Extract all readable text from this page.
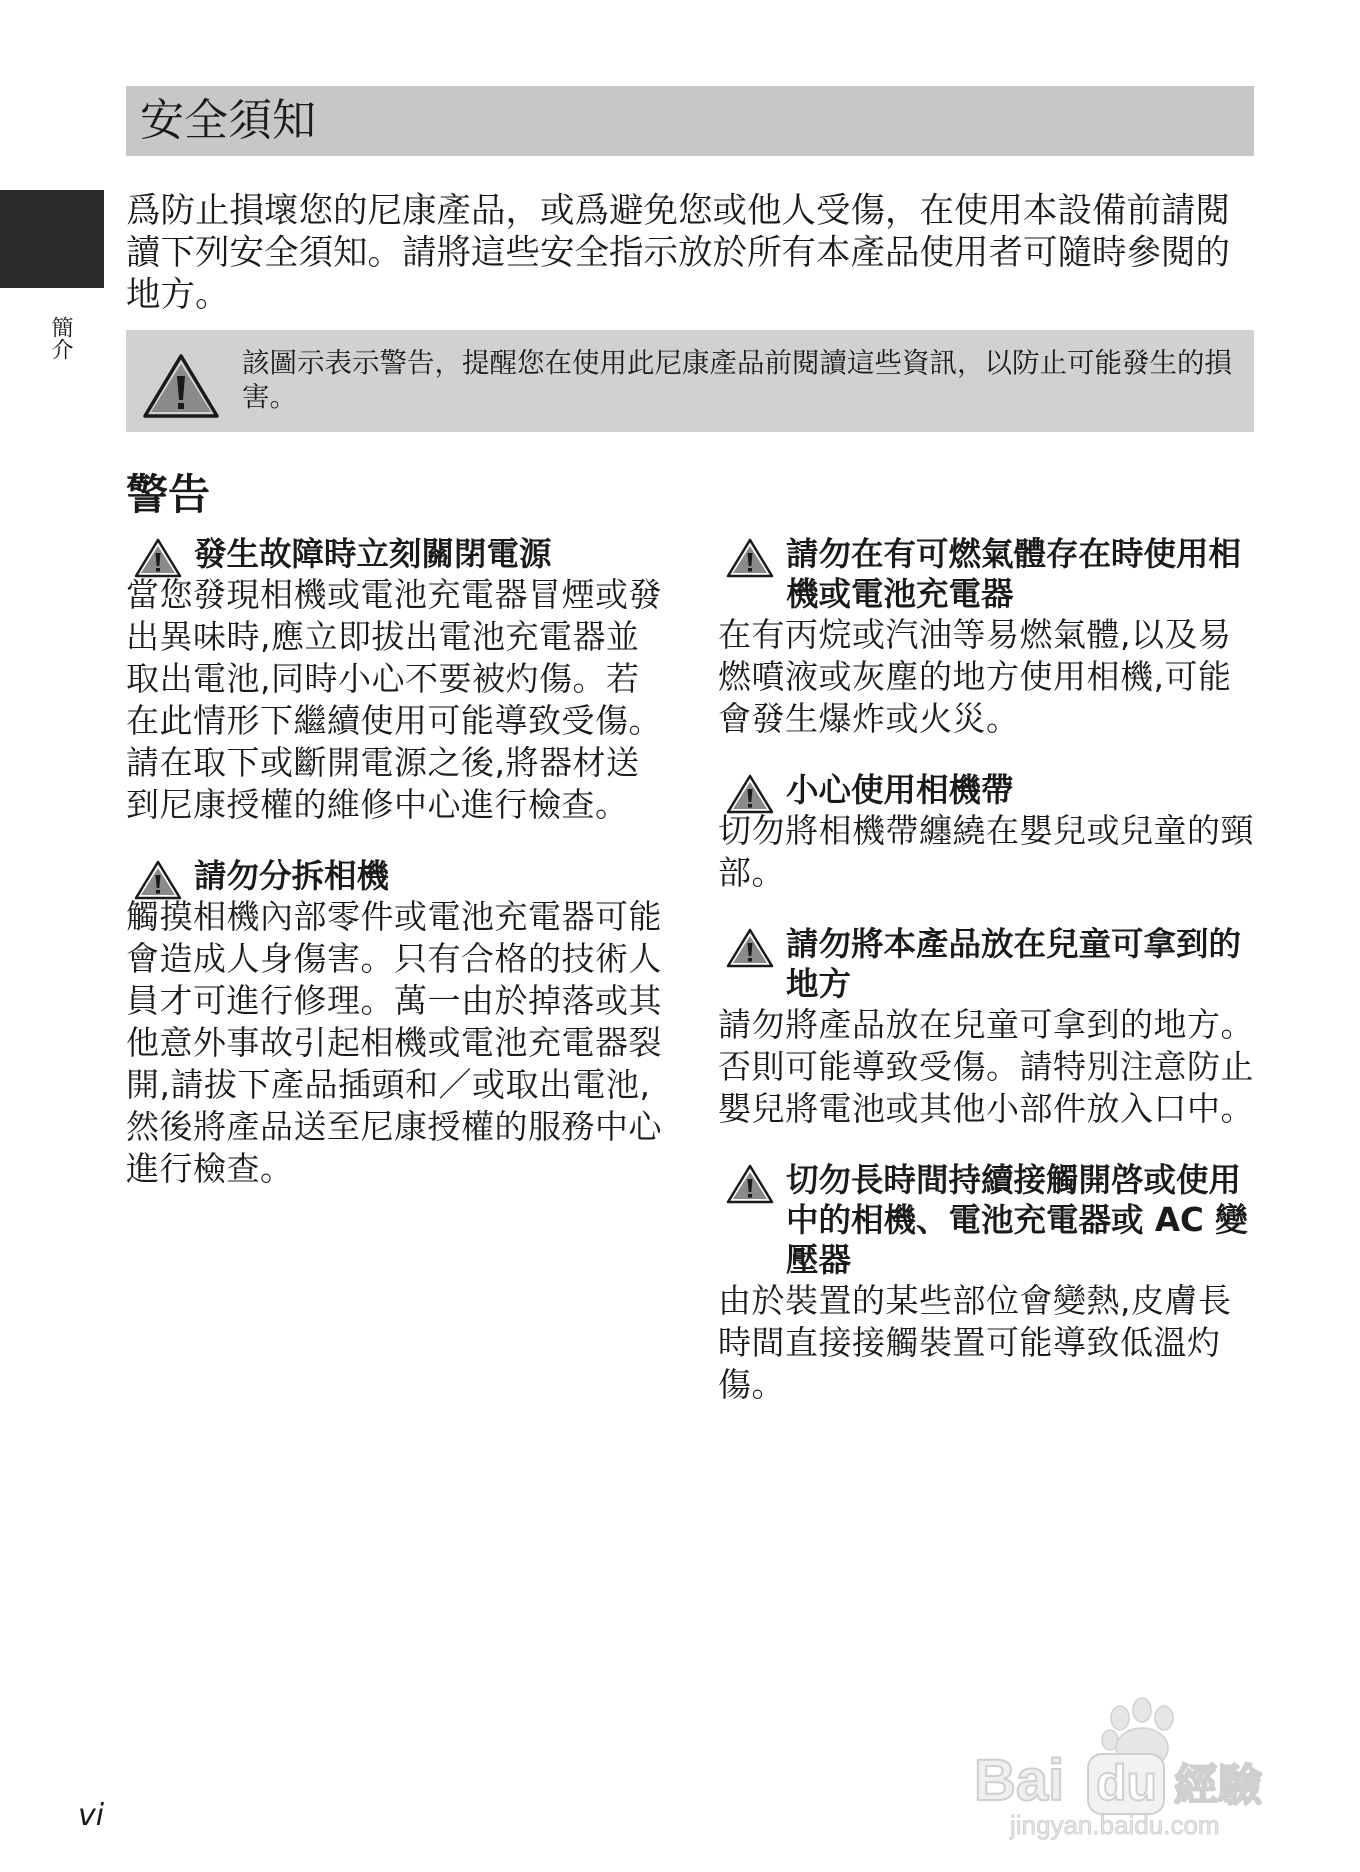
安全須知
簡介

爲防止損壞您的尼康產品，或爲避免您或他人受傷，在使用本設備前請閱讀下列安全須知。請將這些安全指示放於所有本產品使用者可隨時參閱的地方。

該圖示表示警告，提醒您在使用此尼康產品前閱讀這些資訊，以防止可能發生的損害。

警告
發生故障時立刻關閉電源

當您發現相機或電池充電器冒煙或發出異味時,應立即拔出電池充電器並取出電池,同時小心不要被灼傷。若在此情形下繼續使用可能導致受傷。請在取下或斷開電源之後,將器材送到尼康授權的維修中心進行檢查。

請勿分拆相機

觸摸相機內部零件或電池充電器可能會造成人身傷害。只有合格的技術人員才可進行修理。萬一由於掉落或其他意外事故引起相機或電池充電器裂開,請拔下產品插頭和／或取出電池,然後將產品送至尼康授權的服務中心進行檢查。

請勿在有可燃氣體存在時使用相機或電池充電器

在有丙烷或汽油等易燃氣體,以及易燃噴液或灰塵的地方使用相機,可能會發生爆炸或火災。

小心使用相機帶

切勿將相機帶纏繞在嬰兒或兒童的頸部。

請勿將本產品放在兒童可拿到的地方

請勿將產品放在兒童可拿到的地方。否則可能導致受傷。請特別注意防止嬰兒將電池或其他小部件放入口中。

切勿長時間持續接觸開啓或使用中的相機、電池充電器或 AC 變壓器

由於裝置的某些部位會變熱,皮膚長時間直接接觸裝置可能導致低溫灼傷。

vi
Bai du 經驗
jingyan.baidu.com
